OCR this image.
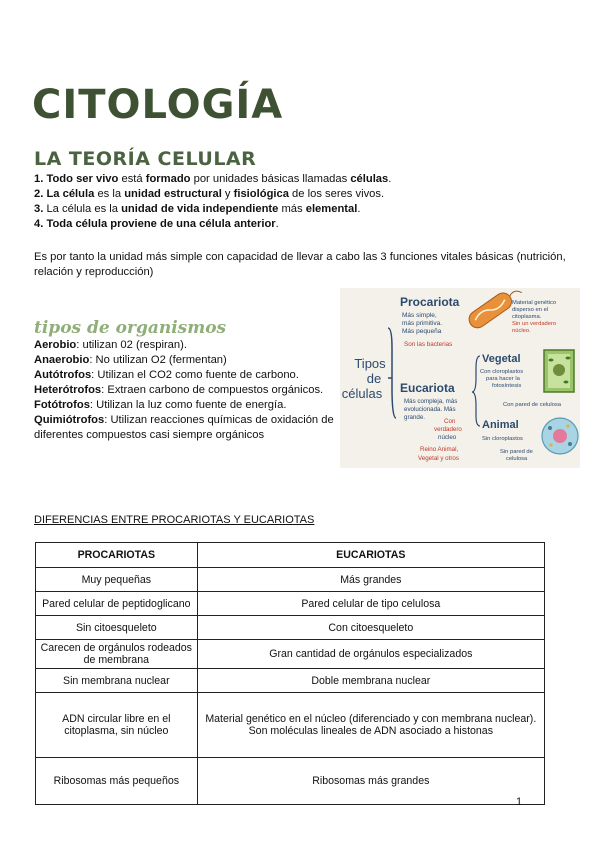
CITOLOGÍA
LA TEORÍA CELULAR
1. Todo ser vivo está formado por unidades básicas llamadas células.
2. La célula es la unidad estructural y fisiológica de los seres vivos.
3. La célula es la unidad de vida independiente más elemental.
4. Toda célula proviene de una célula anterior.

Es por tanto la unidad más simple con capacidad de llevar a cabo las 3 funciones vitales básicas (nutrición, relación y reproducción)

tipos de organismos
Aerobio: utilizan 02 (respiran).
Anaerobio: No utilizan O2 (fermentan)
Autótrofos: Utilizan el CO2 como fuente de carbono.
Heterótrofos: Extraen carbono de compuestos orgánicos.
Fotótrofos: Utilizan la luz como fuente de energía.
Quimiótrofos: Utilizan reacciones químicas de oxidación de diferentes compuestos casi siempre orgánicos
Tipos
de
células
Procariota
Más simple,
más primitiva.
Más pequeña
Son las bacterias
Material genético
disperso en el
citoplasma.
Sin un verdadero
núcleo.
Eucariota
Más compleja, más
evolucionada. Más
grande.
Con
verdadero
núcleo
Reino Animal,
Vegetal y otros
Vegetal
Con cloroplastos
para hacer la
fotosíntesis
Con pared de celulosa
Animal
Sin cloroplastos
Sin pared de
celulosa
DIFERENCIAS ENTRE PROCARIOTAS Y EUCARIOTAS
PROCARIOTAS	EUCARIOTAS
Muy pequeñas	Más grandes
Pared celular de peptidoglicano	Pared celular de tipo celulosa
Sin citoesqueleto	Con citoesqueleto
Carecen de orgánulos rodeados de membrana	Gran cantidad de orgánulos especializados
Sin membrana nuclear	Doble membrana nuclear
ADN circular libre en el citoplasma, sin núcleo	Material genético en el núcleo (diferenciado y con membrana nuclear). Son moléculas lineales de ADN asociado a histonas
Ribosomas más pequeños	Ribosomas más grandes
1
